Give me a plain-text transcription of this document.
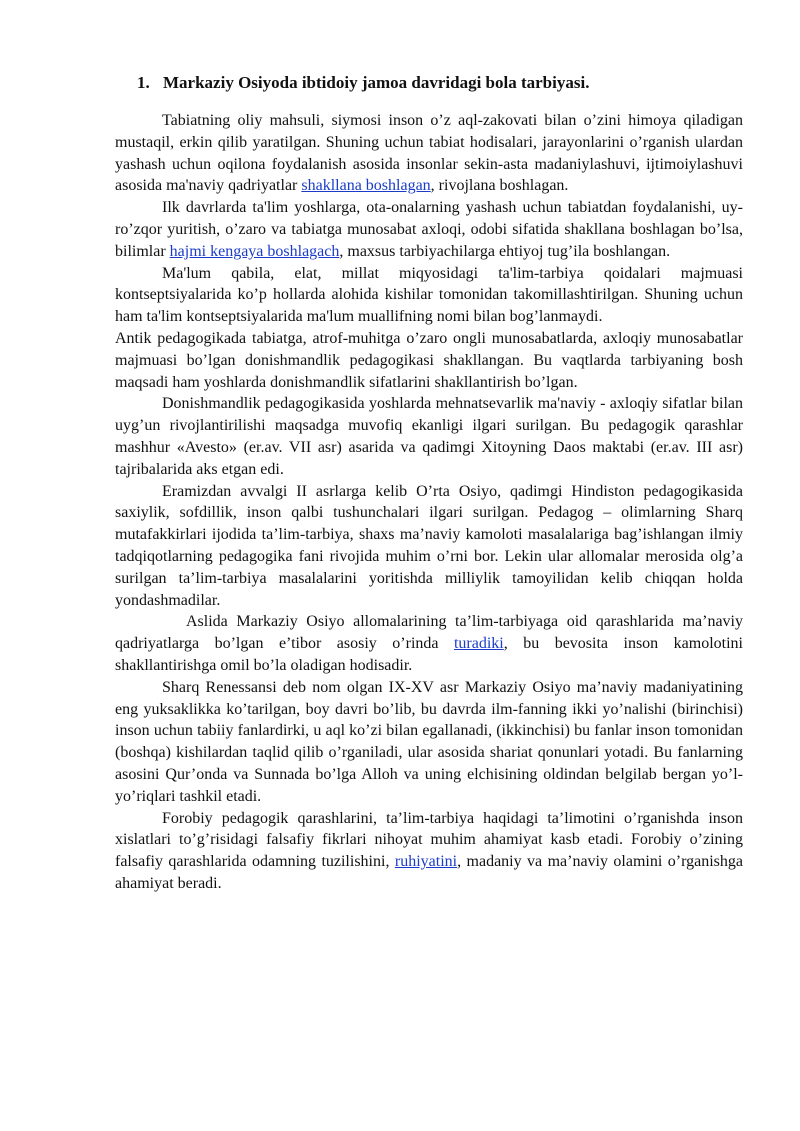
1. Markaziy Osiyoda ibtidoiy jamoa davridagi bola tarbiyasi.

Tabiatning oliy mahsuli, siymosi inson o’z aql-zakovati bilan o’zini himoya qiladigan mustaqil, erkin qilib yaratilgan. Shuning uchun tabiat hodisalari, jarayonlarini o’rganish ulardan yashash uchun oqilona foydalanish asosida insonlar sekin-asta madaniylashuvi, ijtimoiylashuvi asosida ma'naviy qadriyatlar shakllana boshlagan, rivojlana boshlagan.

Ilk davrlarda ta'lim yoshlarga, ota-onalarning yashash uchun tabiatdan foydalanishi, uy-ro’zqor yuritish, o’zaro va tabiatga munosabat axloqi, odobi sifatida shakllana boshlagan bo’lsa, bilimlar hajmi kengaya boshlagach, maxsus tarbiyachilarga ehtiyoj tug’ila boshlangan.

Ma'lum qabila, elat, millat miqyosidagi ta'lim-tarbiya qoidalari majmuasi kontseptsiyalarida ko’p hollarda alohida kishilar tomonidan takomillashtirilgan. Shuning uchun ham ta'lim kontseptsiyalarida ma'lum muallifning nomi bilan bog’lanmaydi.

Antik pedagogikada tabiatga, atrof-muhitga o’zaro ongli munosabatlarda, axloqiy munosabatlar majmuasi bo’lgan donishmandlik pedagogikasi shakllangan. Bu vaqtlarda tarbiyaning bosh maqsadi ham yoshlarda donishmandlik sifatlarini shakllantirish bo’lgan.

Donishmandlik pedagogikasida yoshlarda mehnatsevarlik ma'naviy - axloqiy sifatlar bilan uyg’un rivojlantirilishi maqsadga muvofiq ekanligi ilgari surilgan. Bu pedagogik qarashlar mashhur «Avesto» (er.av. VII asr) asarida va qadimgi Xitoyning Daos maktabi (er.av. III asr) tajribalarida aks etgan edi.

Eramizdan avvalgi II asrlarga kelib O’rta Osiyo, qadimgi Hindiston pedagogikasida saxiylik, sofdillik, inson qalbi tushunchalari ilgari surilgan. Pedagog – olimlarning Sharq mutafakkirlari ijodida ta’lim-tarbiya, shaxs ma’naviy kamoloti masalalariga bag’ishlangan ilmiy tadqiqotlarning pedagogika fani rivojida muhim o’rni bor. Lekin ular allomalar merosida olg’a surilgan ta’lim-tarbiya masalalarini yoritishda milliylik tamoyilidan kelib chiqqan holda yondashmadilar.

Aslida Markaziy Osiyo allomalarining ta’lim-tarbiyaga oid qarashlarida ma’naviy qadriyatlarga bo’lgan e’tibor asosiy o’rinda turadiki, bu bevosita inson kamolotini shakllantirishga omil bo’la oladigan hodisadir.

Sharq Renessansi deb nom olgan IX-XV asr Markaziy Osiyo ma’naviy madaniyatining eng yuksaklikka ko’tarilgan, boy davri bo’lib, bu davrda ilm-fanning ikki yo’nalishi (birinchisi) inson uchun tabiiy fanlardirki, u aql ko’zi bilan egallanadi, (ikkinchisi) bu fanlar inson tomonidan (boshqa) kishilardan taqlid qilib o’rganiladi, ular asosida shariat qonunlari yotadi. Bu fanlarning asosini Qur’onda va Sunnada bo’lga Alloh va uning elchisining oldindan belgilab bergan yo’l-yo’riqlari tashkil etadi.

Forobiy pedagogik qarashlarini, ta’lim-tarbiya haqidagi ta’limotini o’rganishda inson xislatlari to’g’risidagi falsafiy fikrlari nihoyat muhim ahamiyat kasb etadi. Forobiy o’zining falsafiy qarashlarida odamning tuzilishini, ruhiyatini, madaniy va ma’naviy olamini o’rganishga ahamiyat beradi.
